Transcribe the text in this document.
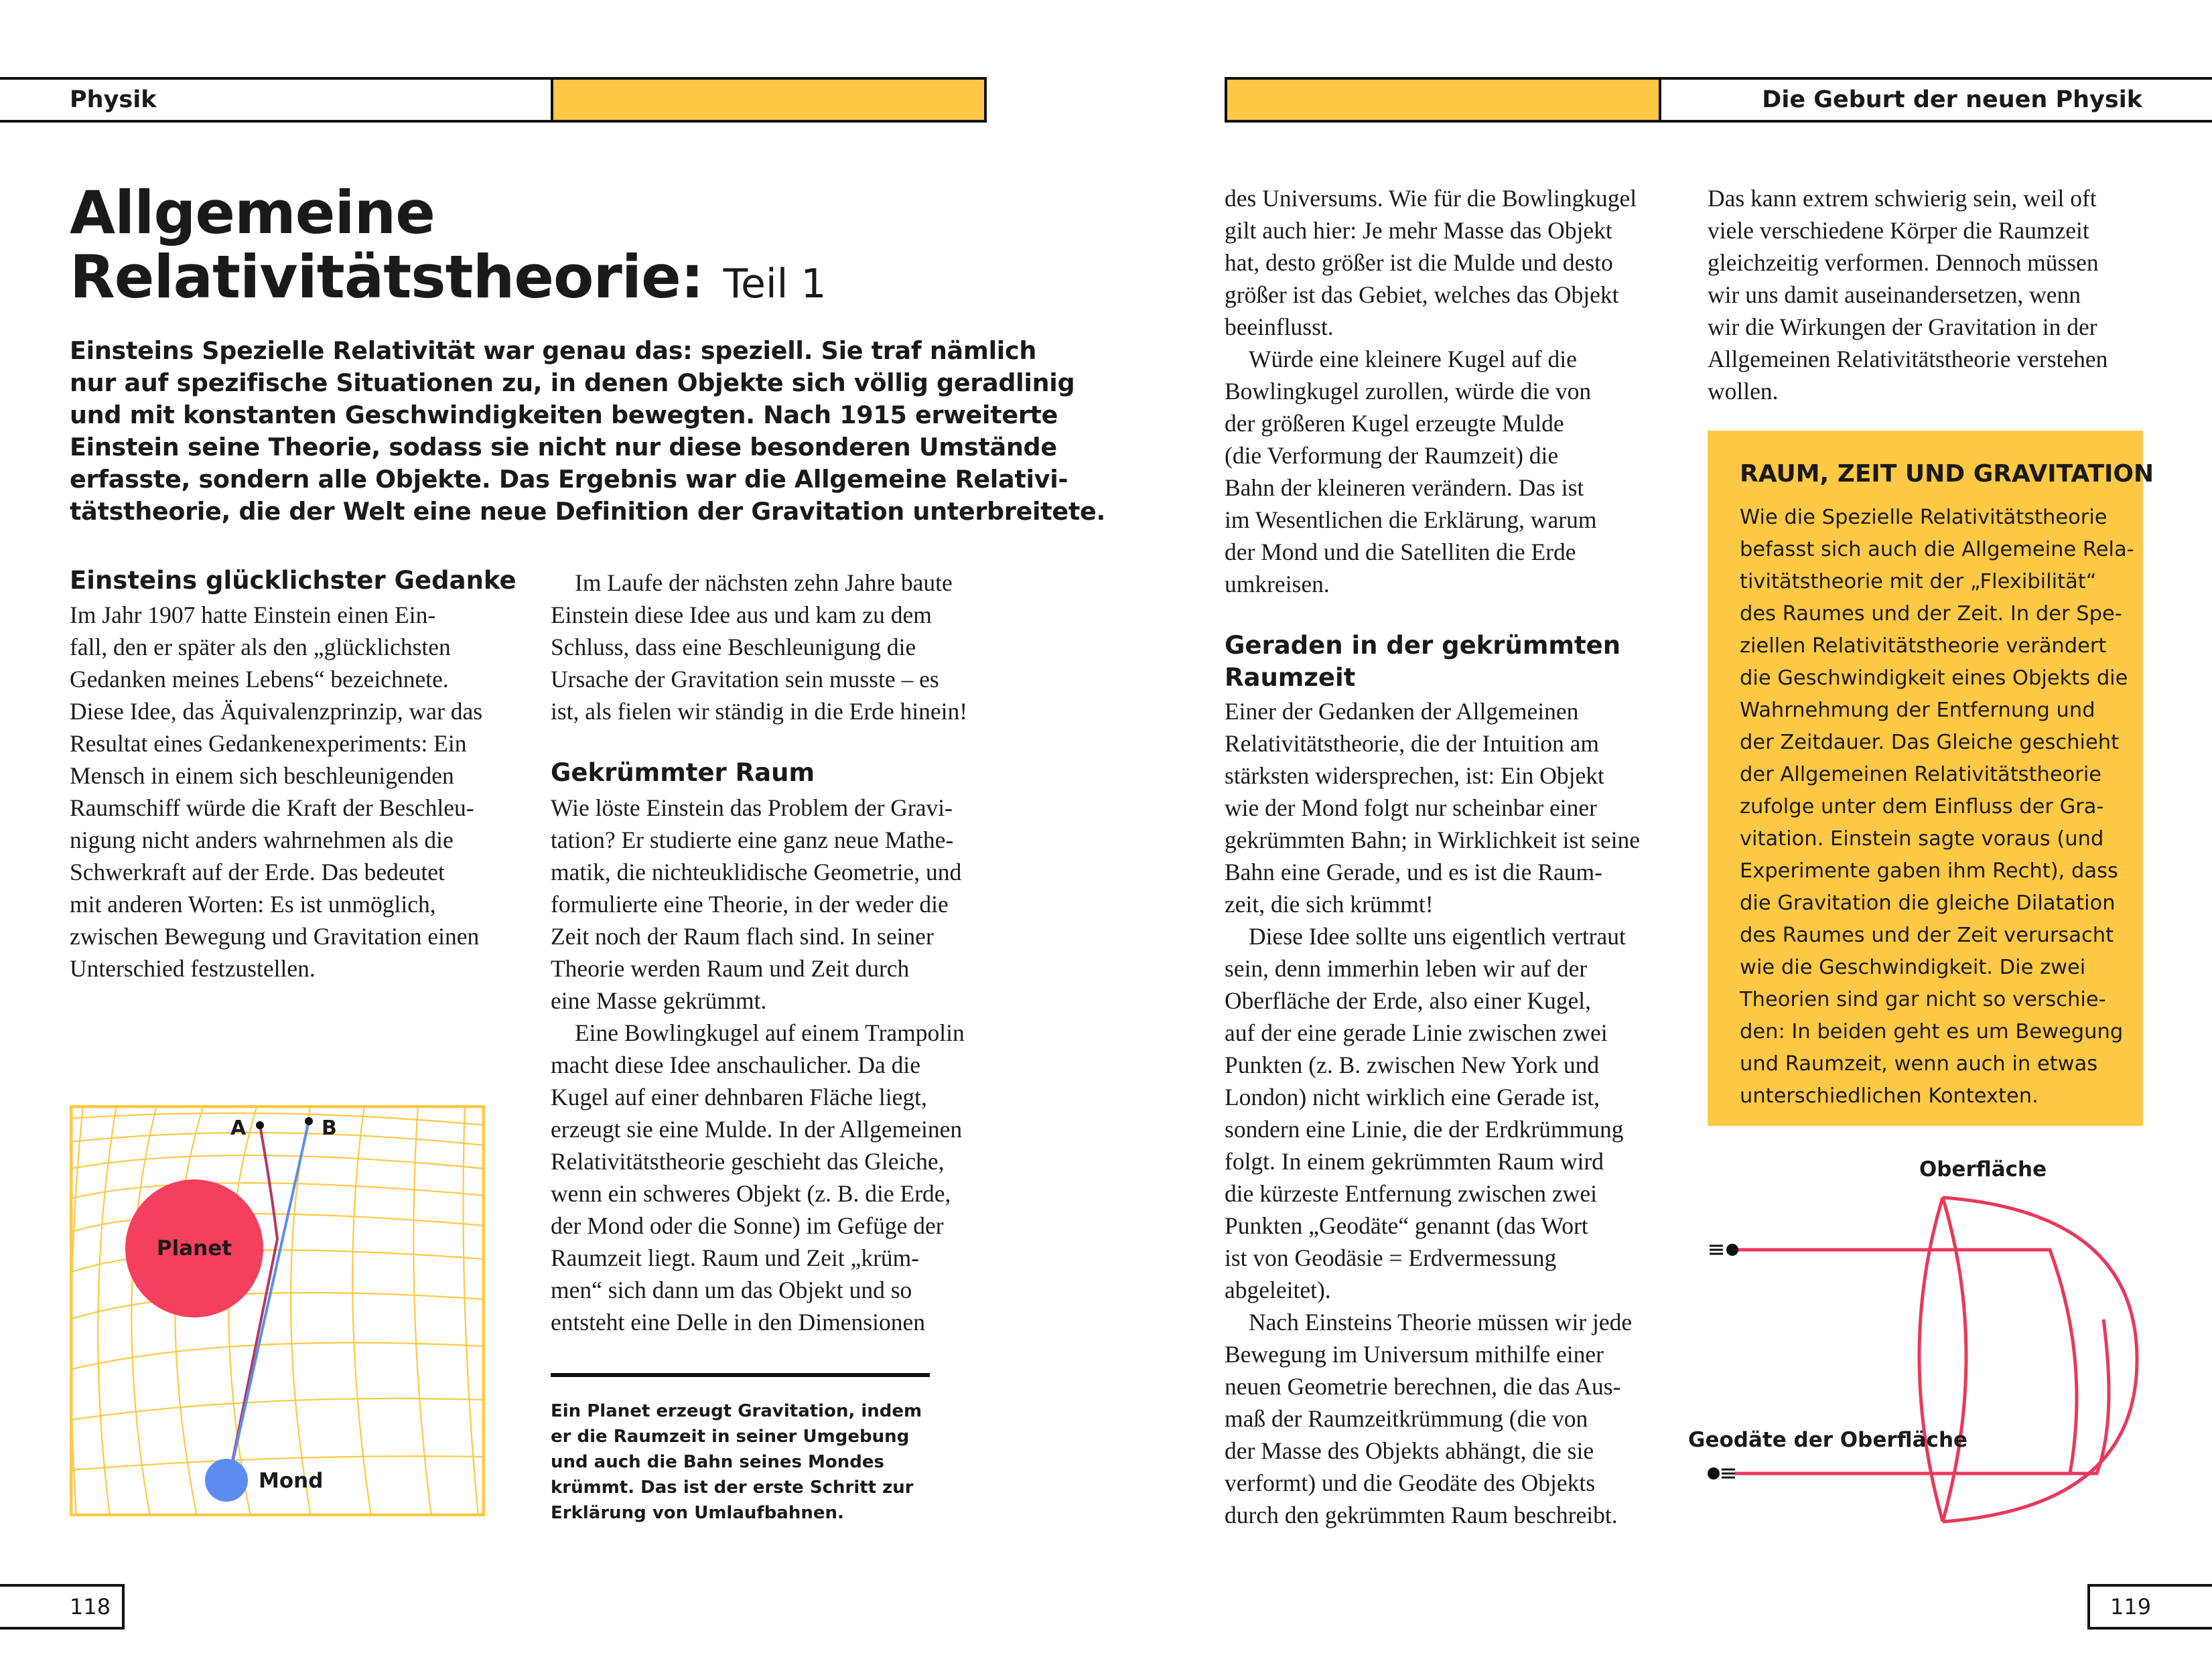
Physik	Die Geburt der neuen Physik
Allgemeine
Relativitätstheorie: Teil 1
Einsteins Spezielle Relativität war genau das: speziell. Sie traf nämlich
nur auf spezifische Situationen zu, in denen Objekte sich völlig geradlinig
und mit konstanten Geschwindigkeiten bewegten. Nach 1915 erweiterte
Einstein seine Theorie, sodass sie nicht nur diese besonderen Umstände
erfasste, sondern alle Objekte. Das Ergebnis war die Allgemeine Relativi-
tätstheorie, die der Welt eine neue Definition der Gravitation unterbreitete.
Einsteins glücklichster Gedanke
Im Jahr 1907 hatte Einstein einen Ein-
fall, den er später als den „glücklichsten
Gedanken meines Lebens“ bezeichnete.
Diese Idee, das Äquivalenzprinzip, war das
Resultat eines Gedankenexperiments: Ein
Mensch in einem sich beschleunigenden
Raumschiff würde die Kraft der Beschleu-
nigung nicht anders wahrnehmen als die
Schwerkraft auf der Erde. Das bedeutet
mit anderen Worten: Es ist unmöglich,
zwischen Bewegung und Gravitation einen
Unterschied festzustellen.
Planet
A	B
Mond
Im Laufe der nächsten zehn Jahre baute
Einstein diese Idee aus und kam zu dem
Schluss, dass eine Beschleunigung die
Ursache der Gravitation sein musste – es
ist, als fielen wir ständig in die Erde hinein!
Gekrümmter Raum
Wie löste Einstein das Problem der Gravi-
tation? Er studierte eine ganz neue Mathe-
matik, die nichteuklidische Geometrie, und
formulierte eine Theorie, in der weder die
Zeit noch der Raum flach sind. In seiner
Theorie werden Raum und Zeit durch
eine Masse gekrümmt.
Eine Bowlingkugel auf einem Trampolin
macht diese Idee anschaulicher. Da die
Kugel auf einer dehnbaren Fläche liegt,
erzeugt sie eine Mulde. In der Allgemeinen
Relativitätstheorie geschieht das Gleiche,
wenn ein schweres Objekt (z. B. die Erde,
der Mond oder die Sonne) im Gefüge der
Raumzeit liegt. Raum und Zeit „krüm-
men“ sich dann um das Objekt und so
entsteht eine Delle in den Dimensionen
Ein Planet erzeugt Gravitation, indem
er die Raumzeit in seiner Umgebung
und auch die Bahn seines Mondes
krümmt. Das ist der erste Schritt zur
Erklärung von Umlaufbahnen.
des Universums. Wie für die Bowlingkugel
gilt auch hier: Je mehr Masse das Objekt
hat, desto größer ist die Mulde und desto
größer ist das Gebiet, welches das Objekt
beeinflusst.
Würde eine kleinere Kugel auf die
Bowlingkugel zurollen, würde die von
der größeren Kugel erzeugte Mulde
(die Verformung der Raumzeit) die
Bahn der kleineren verändern. Das ist
im Wesentlichen die Erklärung, warum
der Mond und die Satelliten die Erde
umkreisen.
Geraden in der gekrümmten
Raumzeit
Einer der Gedanken der Allgemeinen
Relativitätstheorie, die der Intuition am
stärksten widersprechen, ist: Ein Objekt
wie der Mond folgt nur scheinbar einer
gekrümmten Bahn; in Wirklichkeit ist seine
Bahn eine Gerade, und es ist die Raum-
zeit, die sich krümmt!
Diese Idee sollte uns eigentlich vertraut
sein, denn immerhin leben wir auf der
Oberfläche der Erde, also einer Kugel,
auf der eine gerade Linie zwischen zwei
Punkten (z. B. zwischen New York und
London) nicht wirklich eine Gerade ist,
sondern eine Linie, die der Erdkrümmung
folgt. In einem gekrümmten Raum wird
die kürzeste Entfernung zwischen zwei
Punkten „Geodäte“ genannt (das Wort
ist von Geodäsie = Erdvermessung
abgeleitet).
Nach Einsteins Theorie müssen wir jede
Bewegung im Universum mithilfe einer
neuen Geometrie berechnen, die das Aus-
maß der Raumzeitkrümmung (die von
der Masse des Objekts abhängt, die sie
verformt) und die Geodäte des Objekts
durch den gekrümmten Raum beschreibt.
Das kann extrem schwierig sein, weil oft
viele verschiedene Körper die Raumzeit
gleichzeitig verformen. Dennoch müssen
wir uns damit auseinandersetzen, wenn
wir die Wirkungen der Gravitation in der
Allgemeinen Relativitätstheorie verstehen
wollen.
RAUM, ZEIT UND GRAVITATION
Wie die Spezielle Relativitätstheorie
befasst sich auch die Allgemeine Rela-
tivitätstheorie mit der „Flexibilität“
des Raumes und der Zeit. In der Spe-
ziellen Relativitätstheorie verändert
die Geschwindigkeit eines Objekts die
Wahrnehmung der Entfernung und
der Zeitdauer. Das Gleiche geschieht
der Allgemeinen Relativitätstheorie
zufolge unter dem Einfluss der Gra-
vitation. Einstein sagte voraus (und
Experimente gaben ihm Recht), dass
die Gravitation die gleiche Dilatation
des Raumes und der Zeit verursacht
wie die Geschwindigkeit. Die zwei
Theorien sind gar nicht so verschie-
den: In beiden geht es um Bewegung
und Raumzeit, wenn auch in etwas
unterschiedlichen Kontexten.
Oberfläche
Geodäte der Oberfläche
118	119
